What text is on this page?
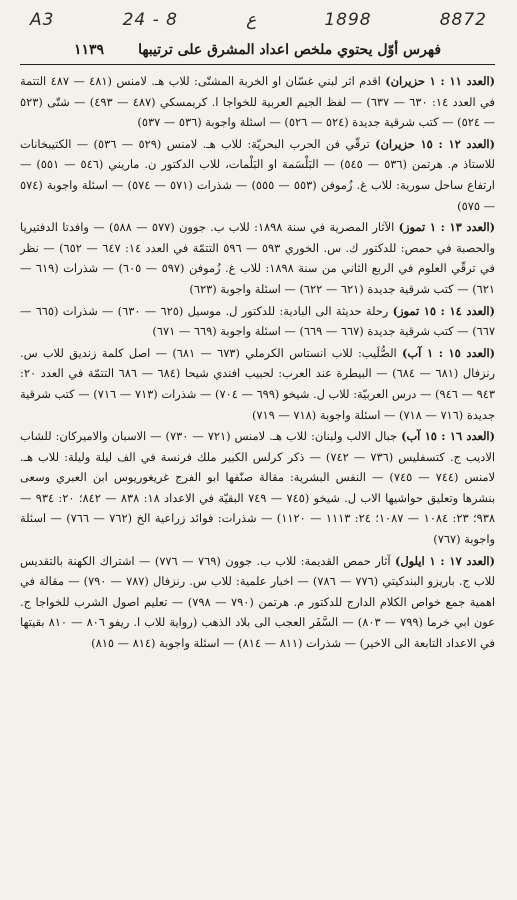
A3	24 - 8	ع	1898	8872
فهرس أوّل يحتوي ملخص اعداد المشرق على ترتيبها
١١٣٩

(العدد ١١ : ١ حزيران) اقدم اثر لبني غسّان او الخربة المشتّى: للاب هـ. لامنس (٤٨١ — ٤٨٧ التتمة في العدد ١٤: ٦٣٠ — ٦٣٧) — لفظ الجيم العربية للخواجا ا. كريمسكي (٤٨٧ — ٤٩٣) — شتّى (٥٢٣ — ٥٢٤) — كتب شرقية جديدة (٥٢٤ — ٥٢٦) — اسئلة واجوبة (٥٣٦ — ٥٣٧)

(العدد ١٢ : ١٥ حزيران) ترقّي فن الحرب البحريّة: للاب هـ. لامنس (٥٢٩ — ٥٣٦) — الكتيبخانات للاستاذ م. هرتمن (٥٣٦ — ٥٤٥) — البَلْسَمة او البَلْمات، للاب الدكتور ن. ماريني (٥٤٦ — ٥٥١) — ارتفاع ساحل سورية: للاب غ. زُموفن (٥٥٣ — ٥٥٥) — شذرات (٥٧١ — ٥٧٤) — اسئلة واجوبة (٥٧٤ — ٥٧٥)

(العدد ١٣ : ١ تموز) الآثار المصرية في سنة ١٨٩٨: للاب ب. جوون (٥٧٧ — ٥٨٨) — وافدتا الدفتيريا والحصبة في حمص: للدكتور ك. س. الخوري ٥٩٣ — ٥٩٦ التتمّة في العدد ١٤: ٦٤٧ — ٦٥٢) — نظر في ترقّي العلوم في الربع الثاني من سنة ١٨٩٨: للاب غ. زُموفن (٥٩٧ — ٦٠٥) — شذرات (٦١٩ — ٦٢١) — كتب شرقية جديدة (٦٢١ — ٦٢٢) — اسئلة واجوبة (٦٢٣)

(العدد ١٤ : ١٥ تموز) رحلة حديثة الى البادية: للدكتور ل. موسيل (٦٢٥ — ٦٣٠) — شذرات (٦٦٥ — ٦٦٧) — كتب شرقية جديدة (٦٦٧ — ٦٦٩) — اسئلة واجوبة (٦٦٩ — ٦٧١)

(العدد ١٥ : ١ آب) الصُّلَيب: للاب انستاس الكرملي (٦٧٣ — ٦٨١) — اصل كلمة زنديق للاب س. رنزفال (٦٨١ — ٦٨٤) — البيطرة عند العرب: لحبيب افندي شيحا (٦٨٤ — ٦٨٦ التتمّة في العدد ٢٠: ٩٤٣ — ٩٤٦) — درس العربيّة: للاب ل. شيخو (٦٩٩ — ٧٠٤) — شذرات (٧١٣ — ٧١٦) — كتب شرقية جديدة (٧١٦ — ٧١٨) — اسئلة واجوبة (٧١٨ — ٧١٩)

(العدد ١٦ : ١٥ آب) جبال الالب ولبنان: للاب هـ. لامنس (٧٢١ — ٧٣٠) — الاسبان والاميركان: للشاب الاديب ج. كتسفليس (٧٣٦ — ٧٤٢) — ذكر كرلس الكبير ملك فرنسة في الف ليلة وليلة: للاب هـ. لامنس (٧٤٤ — ٧٤٥) — النفس البشرية: مقالة صنّفها ابو الفرج غريغوريوس ابن العبري وسعى بنشرها وتعليق حواشيها الاب ل. شيخو (٧٤٥ — ٧٤٩ البقيّة في الاعداد ١٨: ٨٣٨ — ٨٤٢؛ ٢٠: ٩٣٤ — ٩٣٨؛ ٢٣: ١٠٨٤ — ١٠٨٧؛ ٢٤: ١١١٣ — ١١٢٠) — شذرات: فوائد زراعية الخ (٧٦٢ — ٧٦٦) — اسئلة واجوبة (٧٦٧)

(العدد ١٧ : ١ ايلول) آثار حمص القديمة: للاب ب. جوون (٧٦٩ — ٧٧٦) — اشتراك الكهنة بالتقديس للاب ج. باريزو البندكيتي (٧٧٦ — ٧٨٦) — اخبار علمية: للاب س. رنزفال (٧٨٧ — ٧٩٠) — مقالة في اهمية جمع خواص الكلام الدارج للدكتور م. هرتمن (٧٩٠ — ٧٩٨) — تعليم اصول الشرب للخواجا ج. عون ابي خرما (٧٩٩ — ٨٠٣) — السَّفَر العجب الى بلاد الذهب (رواية للاب ا. ريفو ٨٠٦ — ٨١٠ بقيتها في الاعداد التابعة الى الاخير) — شذرات (٨١١ — ٨١٤) — اسئلة واجوبة (٨١٤ — ٨١٥)
